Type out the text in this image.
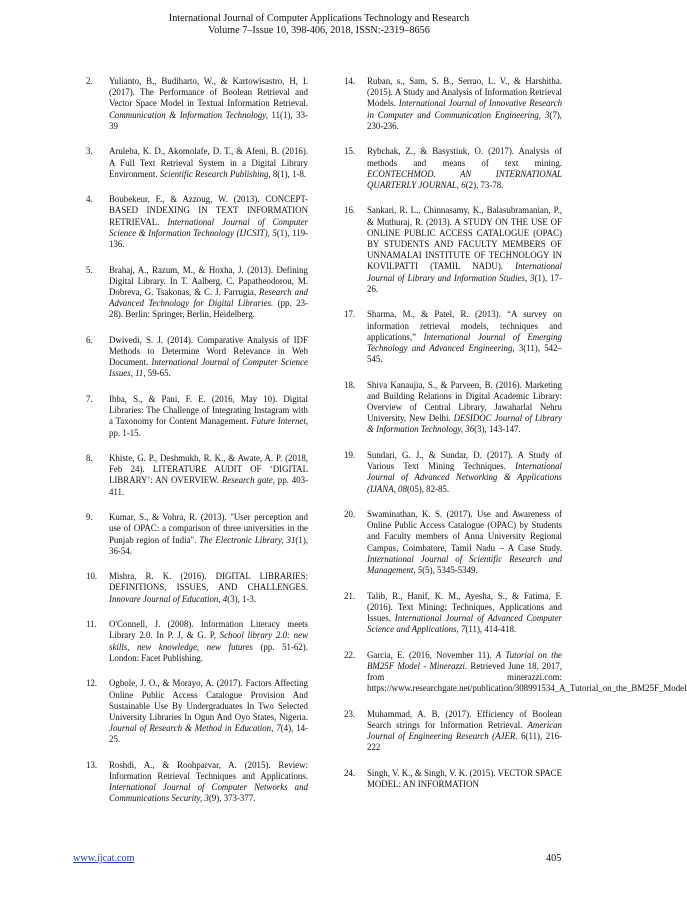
International Journal of Computer Applications Technology and Research
Volume 7–Issue 10, 398-406, 2018, ISSN:-2319–8656
2. Yulianto, B., Budiharto, W., & Kartowisastro, H, I. (2017). The Performance of Boolean Retrieval and Vector Space Model in Textual Information Retrieval. Communication & Information Technology, 11(1), 33-39
3. Aruleba, K. D., Akomolafe, D. T., & Afeni, B. (2016). A Full Text Retrieval System in a Digital Library Environment. Scientific Research Publishing, 8(1), 1-8.
4. Boubekeur, F., & Azzoug, W. (2013). CONCEPT-BASED INDEXING IN TEXT INFORMATION RETRIEVAL. International Journal of Computer Science & Information Technology (IJCSIT), 5(1), 119-136.
5. Brahaj, A., Razum, M., & Hoxha, J. (2013). Defining Digital Library. In T. Aalberg, C. Papatheodorou, M. Dobreva, G. Tsakonas, & C. J. Farrugia, Research and Advanced Technology for Digital Libraries. (pp. 23-28). Berlin: Springer, Berlin, Heidelberg.
6. Dwivedi, S. J. (2014). Comparative Analysis of IDF Methods to Determine Word Relevance in Web Document. International Journal of Computer Science Issues, 11, 59-65.
7. Ibba, S., & Pani, F. E. (2016, May 10). Digital Libraries: The Challenge of Integrating Instagram with a Taxonomy for Content Management. Future Internet, pp. 1-15.
8. Khiste, G. P., Deshmukh, R. K., & Awate, A. P. (2018, Feb 24). LITERATURE AUDIT OF ‘DIGITAL LIBRARY’: AN OVERVIEW. Research gate, pp. 403-411.
9. Kumar, S., & Vohra, R. (2013). "User perception and use of OPAC: a comparison of three universities in the Punjab region of India". The Electronic Library, 31(1), 36-54.
10. Mishra, R. K. (2016). DIGITAL LIBRARIES: DEFINITIONS, ISSUES, AND CHALLENGES. Innovare Journal of Education, 4(3), 1-3.
11. O'Connell, J. (2008). Information Literacy meets Library 2.0. In P. J, & G. P, School library 2.0: new skills, new knowledge, new futures (pp. 51-62). London: Facet Publishing.
12. Ogbole, J. O., & Morayo, A. (2017). Factors Affecting Online Public Access Catalogue Provision And Sustainable Use By Undergraduates In Two Selected University Libraries In Ogun And Oyo States, Nigeria. Journal of Research & Method in Education, 7(4), 14-25.
13. Roshdi, A., & Roohparvar, A. (2015). Review: Information Retrieval Techniques and Applications. International Journal of Computer Networks and Communications Security, 3(9), 373-377.
14. Ruban, s., Sam, S. B., Serrao, L. V., & Harshitha. (2015). A Study and Analysis of Information Retrieval Models. International Journal of Innovative Research in Computer and Communication Engineering, 3(7), 230-236.
15. Rybchak, Z., & Basystiuk, O. (2017). Analysis of methods and means of text mining. ECONTECHMOD. AN INTERNATIONAL QUARTERLY JOURNAL, 6(2), 73-78.
16. Sankari, R. L., Chinnasamy, K., Balasubramanian, P., & Muthuraj, R. (2013). A STUDY ON THE USE OF ONLINE PUBLIC ACCESS CATALOGUE (OPAC) BY STUDENTS AND FACULTY MEMBERS OF UNNAMALAI INSTITUTE OF TECHNOLOGY IN KOVILPATTI (TAMIL NADU). International Journal of Library and Information Studies, 3(1), 17-26.
17. Sharma, M., & Patel, R. (2013). “A survey on information retrieval models, techniques and applications,” International Journal of Emerging Technology and Advanced Engineering, 3(11), 542–545.
18. Shiva Kanaujia, S., & Parveen, B. (2016). Marketing and Building Relations in Digital Academic Library: Overview of Central Library, Jawaharlal Nehru University, New Delhi. DESIDOC Journal of Library & Information Technology, 36(3), 143-147.
19. Sundari, G. J., & Sundar, D. (2017). A Study of Various Text Mining Techniques. International Journal of Advanced Networking & Applications (IJANA, 08(05), 82-85.
20. Swaminathan, K. S. (2017). Use and Awareness of Online Public Access Catalogue (OPAC) by Students and Faculty members of Anna University Regional Campus, Coimbatore, Tamil Nadu – A Case Study. International Journal of Scientific Research and Management, 5(5), 5345-5349.
21. Talib, R., Hanif, K. M., Ayesha, S., & Fatima, F. (2016). Text Mining: Techniques, Applications and Issues. International Journal of Advanced Computer Science and Applications, 7(11), 414-418.
22. Garcia, E. (2016, November 11). A Tutorial on the BM25F Model - Minerazzi. Retrieved June 18, 2017, from minerazzi.com: https://www.researchgate.net/publication/308991534_A_Tutorial_on_the_BM25F_Model
23. Muhammad, A. B. (2017). Efficiency of Boolean Search strings for Information Retrieval. American Journal of Engineering Research (AJER. 6(11), 216-222
24. Singh, V. K., & Singh, V. K. (2015). VECTOR SPACE MODEL: AN INFORMATION
www.ijcat.com	405
